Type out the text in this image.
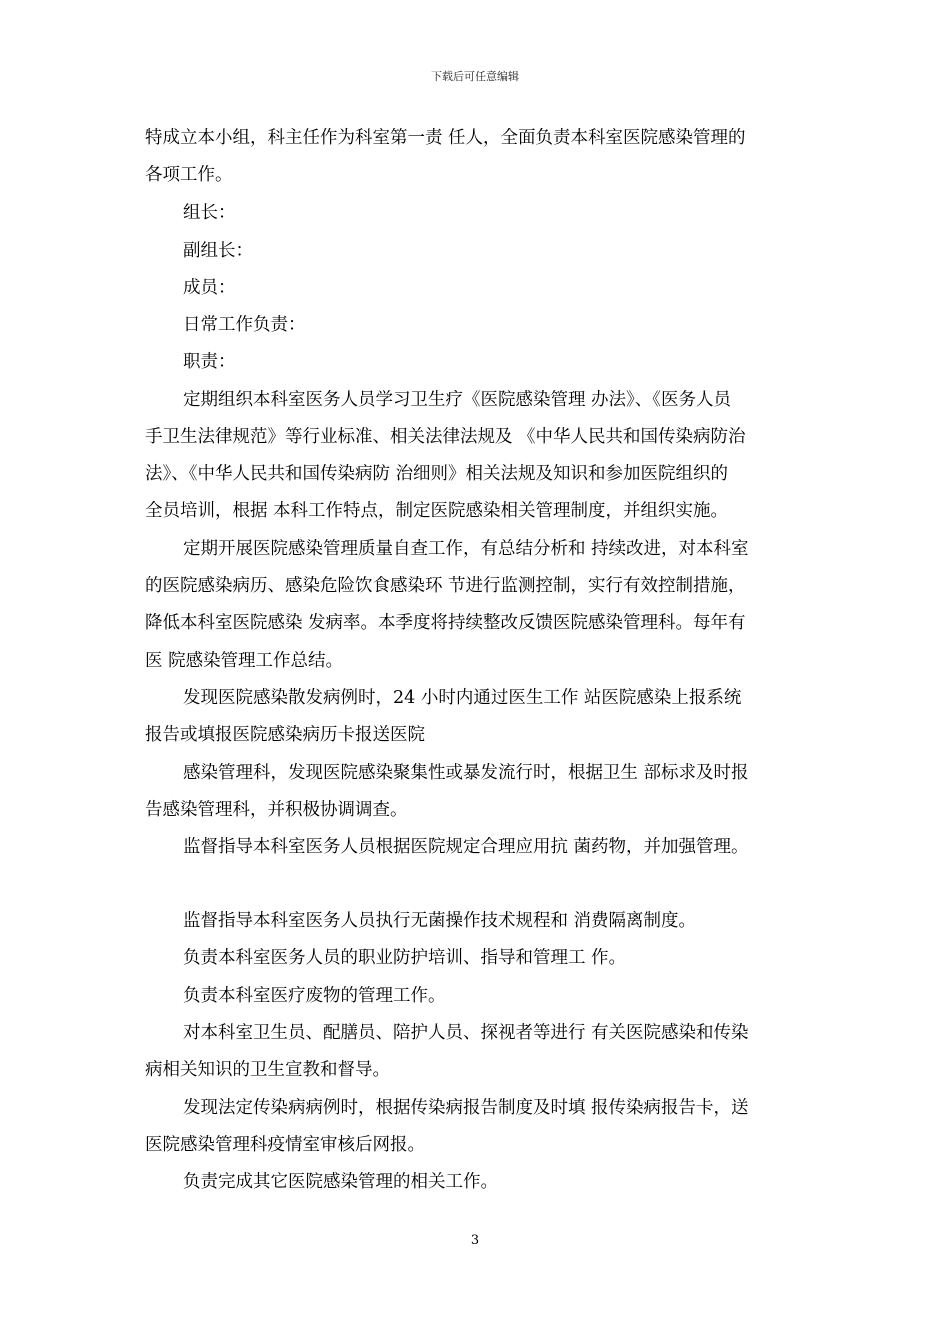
下载后可任意编辑
特成立本小组，科主任作为科室第一责 任人，全面负责本科室医院感染管理的
各项工作。
组长：
副组长：
成员：
日常工作负责：
职责：
定期组织本科室医务人员学习卫生疗《医院感染管理 办法》、《医务人员
手卫生法律规范》等行业标准、相关法律法规及 《中华人民共和国传染病防治
法》、《中华人民共和国传染病防 治细则》相关法规及知识和参加医院组织的
全员培训，根据 本科工作特点，制定医院感染相关管理制度，并组织实施。
定期开展医院感染管理质量自查工作，有总结分析和 持续改进，对本科室
的医院感染病历、感染危险饮食感染环 节进行监测控制，实行有效控制措施，
降低本科室医院感染 发病率。本季度将持续整改反馈医院感染管理科。每年有
医 院感染管理工作总结。
发现医院感染散发病例时，24 小时内通过医生工作 站医院感染上报系统
报告或填报医院感染病历卡报送医院
感染管理科，发现医院感染聚集性或暴发流行时，根据卫生 部标求及时报
告感染管理科，并积极协调调查。
监督指导本科室医务人员根据医院规定合理应用抗 菌药物，并加强管理。
监督指导本科室医务人员执行无菌操作技术规程和 消费隔离制度。
负责本科室医务人员的职业防护培训、指导和管理工 作。
负责本科室医疗废物的管理工作。
对本科室卫生员、配膳员、陪护人员、探视者等进行 有关医院感染和传染
病相关知识的卫生宣教和督导。
发现法定传染病病例时，根据传染病报告制度及时填 报传染病报告卡，送
医院感染管理科疫情室审核后网报。
负责完成其它医院感染管理的相关工作。
3
